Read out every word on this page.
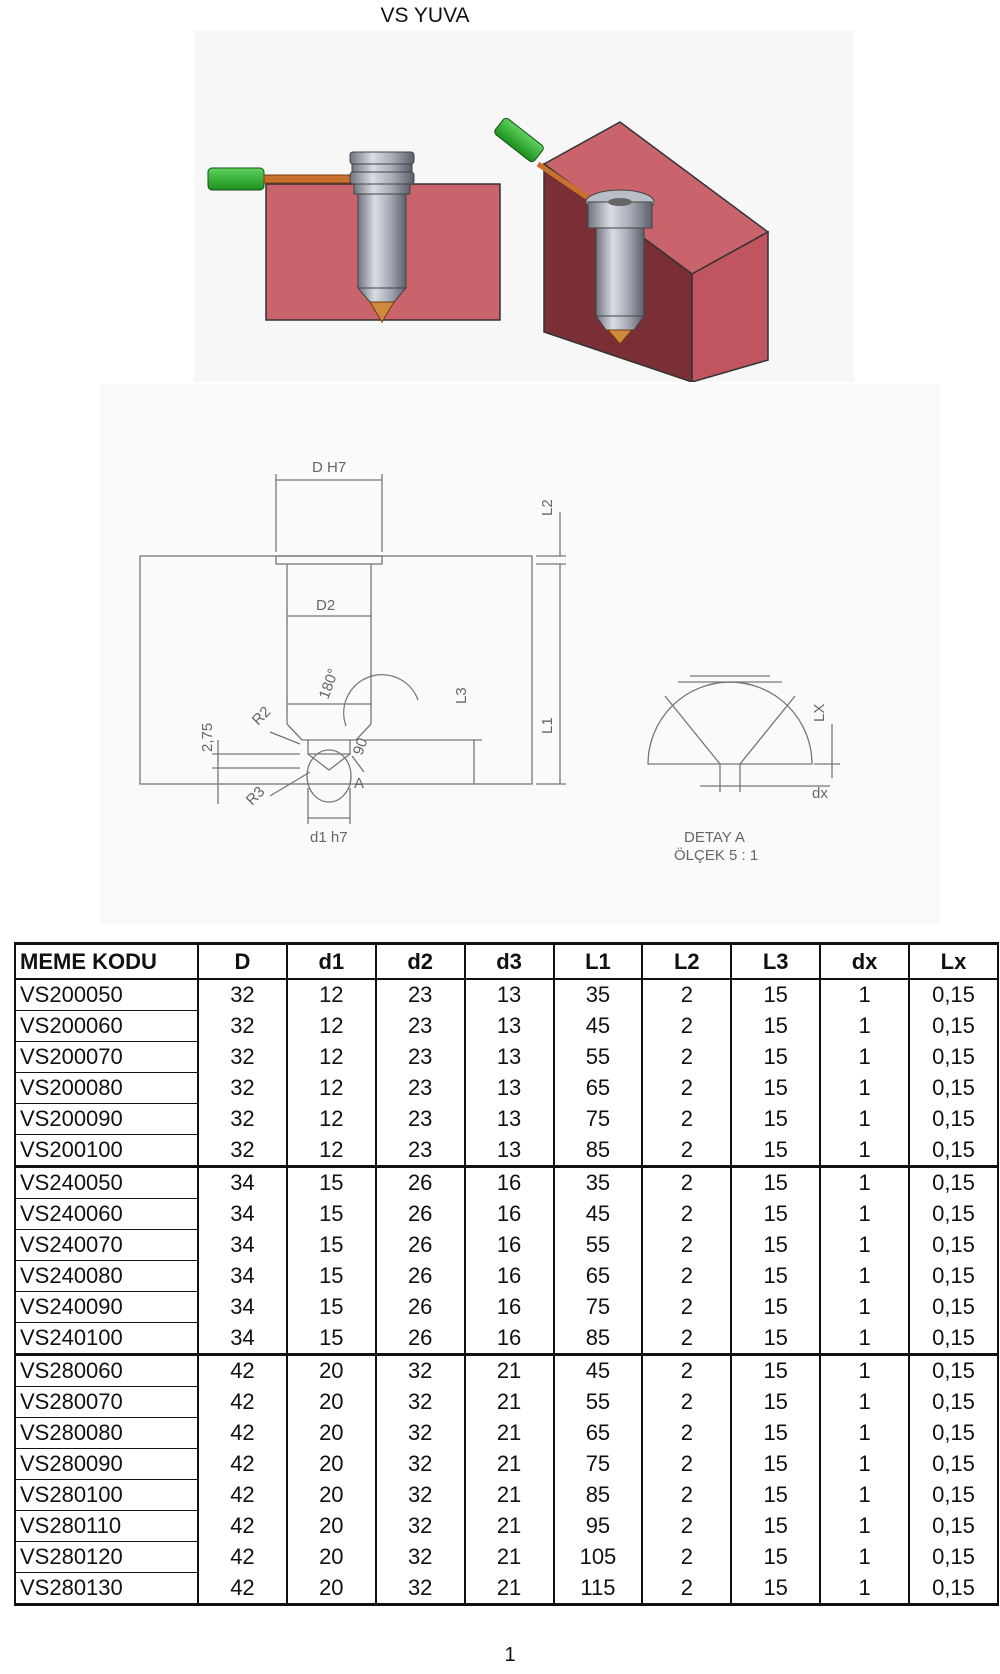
VS YUVA
D H7
D2
180°
R2
2,75
R3
d1 h7
90
A
L2
L3
L1
LX
dx
DETAY A
ÖLÇEK 5 : 1
MEME KODU	D	d1	d2	d3	L1	L2	L3	dx	Lx
VS200050	32	12	23	13	35	2	15	1	0,15
VS200060	32	12	23	13	45	2	15	1	0,15
VS200070	32	12	23	13	55	2	15	1	0,15
VS200080	32	12	23	13	65	2	15	1	0,15
VS200090	32	12	23	13	75	2	15	1	0,15
VS200100	32	12	23	13	85	2	15	1	0,15
VS240050	34	15	26	16	35	2	15	1	0,15
VS240060	34	15	26	16	45	2	15	1	0,15
VS240070	34	15	26	16	55	2	15	1	0,15
VS240080	34	15	26	16	65	2	15	1	0,15
VS240090	34	15	26	16	75	2	15	1	0,15
VS240100	34	15	26	16	85	2	15	1	0,15
VS280060	42	20	32	21	45	2	15	1	0,15
VS280070	42	20	32	21	55	2	15	1	0,15
VS280080	42	20	32	21	65	2	15	1	0,15
VS280090	42	20	32	21	75	2	15	1	0,15
VS280100	42	20	32	21	85	2	15	1	0,15
VS280110	42	20	32	21	95	2	15	1	0,15
VS280120	42	20	32	21	105	2	15	1	0,15
VS280130	42	20	32	21	115	2	15	1	0,15
1
